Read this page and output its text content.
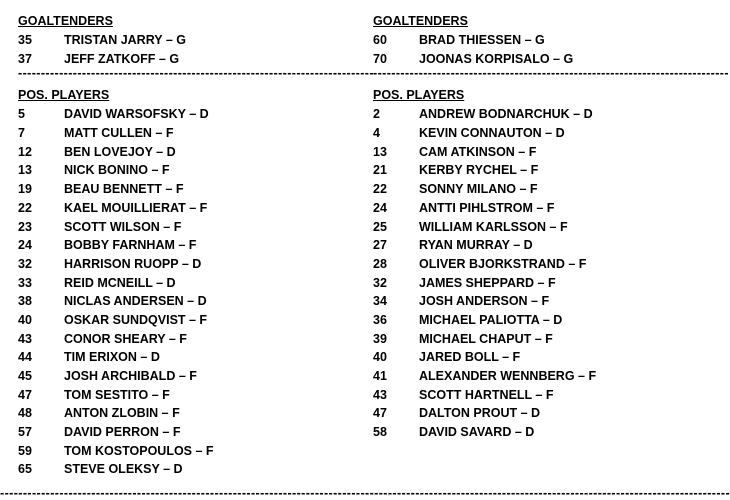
GOALTENDERS
35	TRISTAN JARRY – G
37	JEFF ZATKOFF – G
------------------------------------------------------------------------------
POS. PLAYERS
5	DAVID WARSOFSKY – D
7	MATT CULLEN – F
12	BEN LOVEJOY – D
13	NICK BONINO – F
19	BEAU BENNETT – F
22	KAEL MOUILLIERAT – F
23	SCOTT WILSON – F
24	BOBBY FARNHAM – F
32	HARRISON RUOPP – D
33	REID MCNEILL – D
38	NICLAS ANDERSEN – D
40	OSKAR SUNDQVIST – F
43	CONOR SHEARY – F
44	TIM ERIXON – D
45	JOSH ARCHIBALD – F
47	TOM SESTITO – F
48	ANTON ZLOBIN – F
57	DAVID PERRON – F
59	TOM KOSTOPOULOS – F
65	STEVE OLEKSY – D
GOALTENDERS
60	BRAD THIESSEN – G
70	JOONAS KORPISALO – G
------------------------------------------------------------------------------
POS. PLAYERS
2	ANDREW BODNARCHUK – D
4	KEVIN CONNAUTON – D
13	CAM ATKINSON – F
21	KERBY RYCHEL – F
22	SONNY MILANO – F
24	ANTTI PIHLSTROM – F
25	WILLIAM KARLSSON – F
27	RYAN MURRAY – D
28	OLIVER BJORKSTRAND – F
32	JAMES SHEPPARD – F
34	JOSH ANDERSON – F
36	MICHAEL PALIOTTA – D
39	MICHAEL CHAPUT – F
40	JARED BOLL – F
41	ALEXANDER WENNBERG – F
43	SCOTT HARTNELL – F
47	DALTON PROUT – D
58	DAVID SAVARD – D
----------------------------------------------------------------------------------------------------------------------------------------------------------------
